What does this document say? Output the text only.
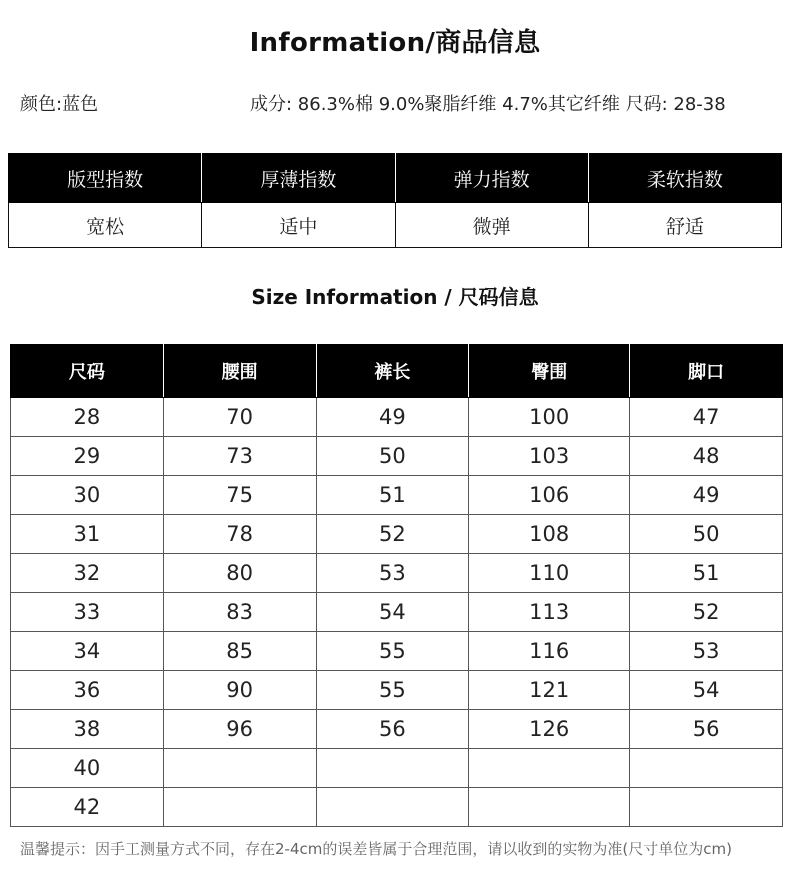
Information/商品信息
颜色:蓝色	成分: 86.3%棉 9.0%聚脂纤维 4.7%其它纤维 尺码: 28-38
版型指数	厚薄指数	弹力指数	柔软指数
宽松	适中	微弹	舒适
Size Information / 尺码信息
尺码	腰围	裤长	臀围	脚口
28	70	49	100	47
29	73	50	103	48
30	75	51	106	49
31	78	52	108	50
32	80	53	110	51
33	83	54	113	52
34	85	55	116	53
36	90	55	121	54
38	96	56	126	56
40				
42				
温馨提示：因手工测量方式不同，存在2-4cm的误差皆属于合理范围，请以收到的实物为准(尺寸单位为cm)
